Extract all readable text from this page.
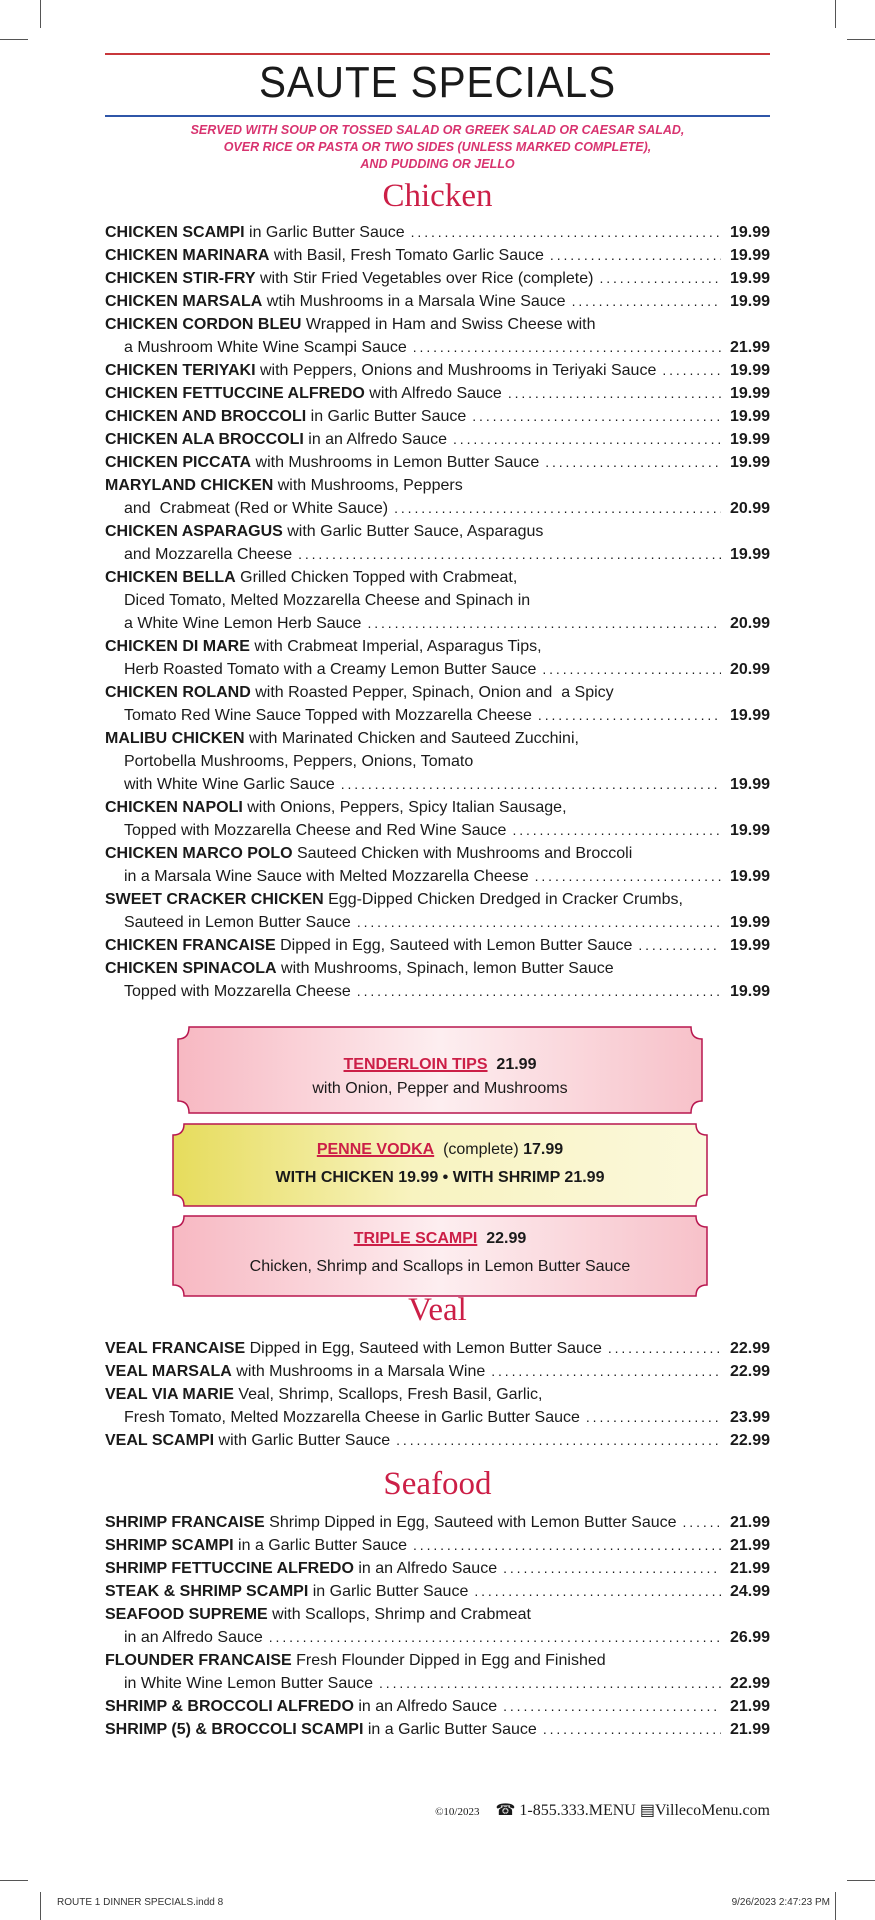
SAUTE SPECIALS
SERVED WITH SOUP OR TOSSED SALAD OR GREEK SALAD OR CAESAR SALAD,
OVER RICE OR PASTA OR TWO SIDES (UNLESS MARKED COMPLETE),
AND PUDDING OR JELLO
Chicken
CHICKEN SCAMPI in Garlic Butter Sauce . . .	19.99
CHICKEN MARINARA with Basil, Fresh Tomato Garlic Sauce . . .	19.99
CHICKEN STIR-FRY with Stir Fried Vegetables over Rice (complete) . . .	19.99
CHICKEN MARSALA wtih Mushrooms in a Marsala Wine Sauce . . .	19.99
CHICKEN CORDON BLEU Wrapped in Ham and Swiss Cheese with
a Mushroom White Wine Scampi Sauce . . .	21.99
CHICKEN TERIYAKI with Peppers, Onions and Mushrooms in Teriyaki Sauce . . .	19.99
CHICKEN FETTUCCINE ALFREDO with Alfredo Sauce . . .	19.99
CHICKEN AND BROCCOLI in Garlic Butter Sauce . . .	19.99
CHICKEN ALA BROCCOLI in an Alfredo Sauce . . .	19.99
CHICKEN PICCATA with Mushrooms in Lemon Butter Sauce . . .	19.99
MARYLAND CHICKEN with Mushrooms, Peppers
and  Crabmeat (Red or White Sauce) . . .	20.99
CHICKEN ASPARAGUS with Garlic Butter Sauce, Asparagus
and Mozzarella Cheese . . .	19.99
CHICKEN BELLA Grilled Chicken Topped with Crabmeat,
Diced Tomato, Melted Mozzarella Cheese and Spinach in
a White Wine Lemon Herb Sauce . . .	20.99
CHICKEN DI MARE with Crabmeat Imperial, Asparagus Tips,
Herb Roasted Tomato with a Creamy Lemon Butter Sauce . . .	20.99
CHICKEN ROLAND with Roasted Pepper, Spinach, Onion and  a Spicy
Tomato Red Wine Sauce Topped with Mozzarella Cheese . . .	19.99
MALIBU CHICKEN with Marinated Chicken and Sauteed Zucchini,
Portobella Mushrooms, Peppers, Onions, Tomato
with White Wine Garlic Sauce . . .	19.99
CHICKEN NAPOLI with Onions, Peppers, Spicy Italian Sausage,
Topped with Mozzarella Cheese and Red Wine Sauce . . .	19.99
CHICKEN MARCO POLO Sauteed Chicken with Mushrooms and Broccoli
in a Marsala Wine Sauce with Melted Mozzarella Cheese . . .	19.99
SWEET CRACKER CHICKEN Egg-Dipped Chicken Dredged in Cracker Crumbs,
Sauteed in Lemon Butter Sauce . . .	19.99
CHICKEN FRANCAISE Dipped in Egg, Sauteed with Lemon Butter Sauce . . .	19.99
CHICKEN SPINACOLA with Mushrooms, Spinach, lemon Butter Sauce
Topped with Mozzarella Cheese . . .	19.99
TENDERLOIN TIPS 21.99
with Onion, Pepper and Mushrooms
PENNE VODKA (complete) 17.99
WITH CHICKEN 19.99 • WITH SHRIMP 21.99
TRIPLE SCAMPI 22.99
Chicken, Shrimp and Scallops in Lemon Butter Sauce
Veal
VEAL FRANCAISE Dipped in Egg, Sauteed with Lemon Butter Sauce . . .	22.99
VEAL MARSALA with Mushrooms in a Marsala Wine . . .	22.99
VEAL VIA MARIE Veal, Shrimp, Scallops, Fresh Basil, Garlic,
Fresh Tomato, Melted Mozzarella Cheese in Garlic Butter Sauce . . .	23.99
VEAL SCAMPI with Garlic Butter Sauce . . .	22.99
Seafood
SHRIMP FRANCAISE Shrimp Dipped in Egg, Sauteed with Lemon Butter Sauce . . .	21.99
SHRIMP SCAMPI in a Garlic Butter Sauce . . .	21.99
SHRIMP FETTUCCINE ALFREDO in an Alfredo Sauce . . .	21.99
STEAK & SHRIMP SCAMPI in Garlic Butter Sauce . . .	24.99
SEAFOOD SUPREME with Scallops, Shrimp and Crabmeat
in an Alfredo Sauce . . .	26.99
FLOUNDER FRANCAISE Fresh Flounder Dipped in Egg and Finished
in White Wine Lemon Butter Sauce . . .	22.99
SHRIMP & BROCCOLI ALFREDO in an Alfredo Sauce . . .	21.99
SHRIMP (5) & BROCCOLI SCAMPI in a Garlic Butter Sauce . . .	21.99
©10/2023 ☎ 1-855.333.MENU ▤VillecoMenu.com
ROUTE 1 DINNER SPECIALS.indd 8	9/26/2023 2:47:23 PM
